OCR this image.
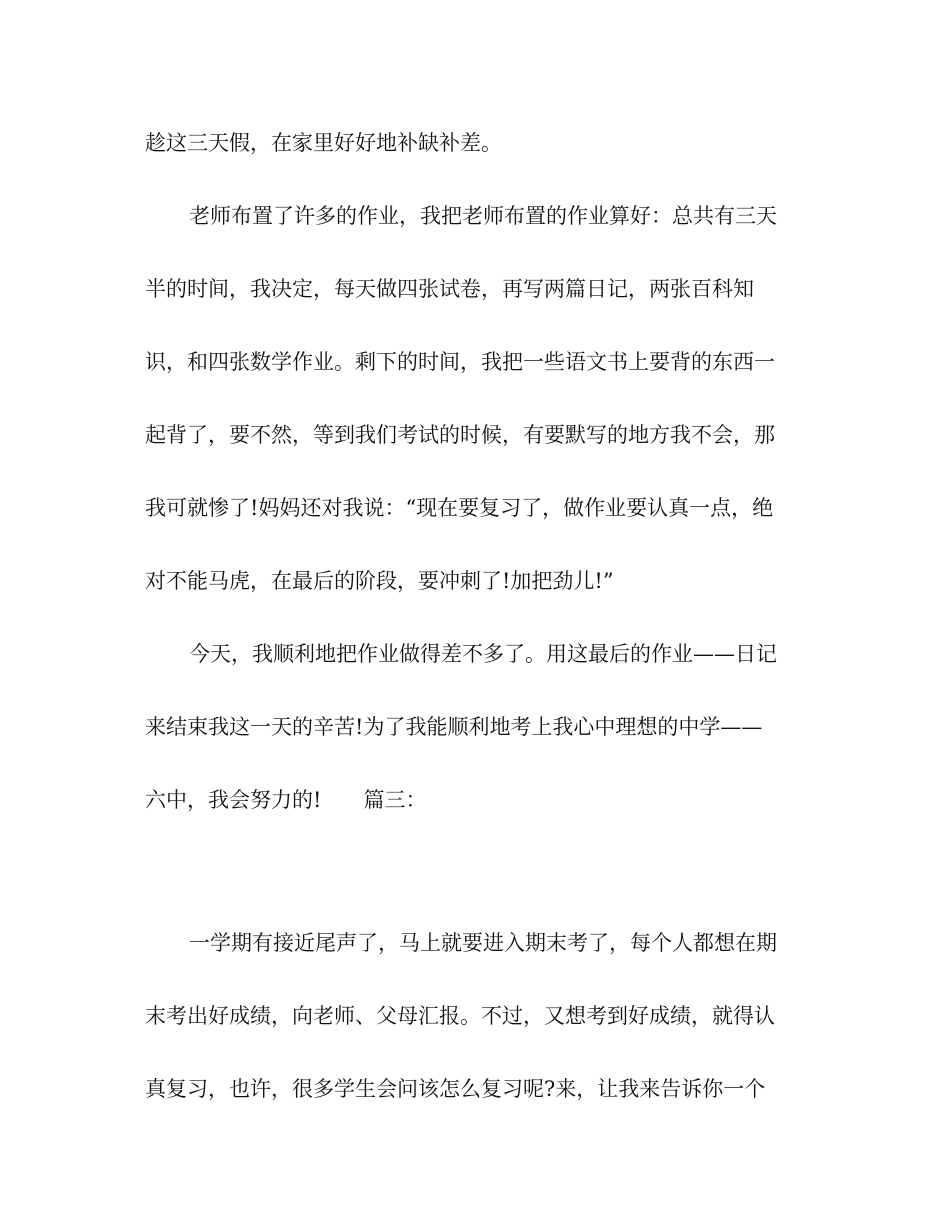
趁这三天假，在家里好好地补缺补差。
老师布置了许多的作业，我把老师布置的作业算好：总共有三天
半的时间，我决定，每天做四张试卷，再写两篇日记，两张百科知
识，和四张数学作业。剩下的时间，我把一些语文书上要背的东西一
起背了，要不然，等到我们考试的时候，有要默写的地方我不会，那
我可就惨了!妈妈还对我说：“现在要复习了，做作业要认真一点，绝
对不能马虎，在最后的阶段，要冲刺了!加把劲儿!”
今天，我顺利地把作业做得差不多了。用这最后的作业——日记
来结束我这一天的辛苦!为了我能顺利地考上我心中理想的中学——
六中，我会努力的!　　篇三：
一学期有接近尾声了，马上就要进入期末考了，每个人都想在期
末考出好成绩，向老师、父母汇报。不过，又想考到好成绩，就得认
真复习，也许，很多学生会问该怎么复习呢?来，让我来告诉你一个
